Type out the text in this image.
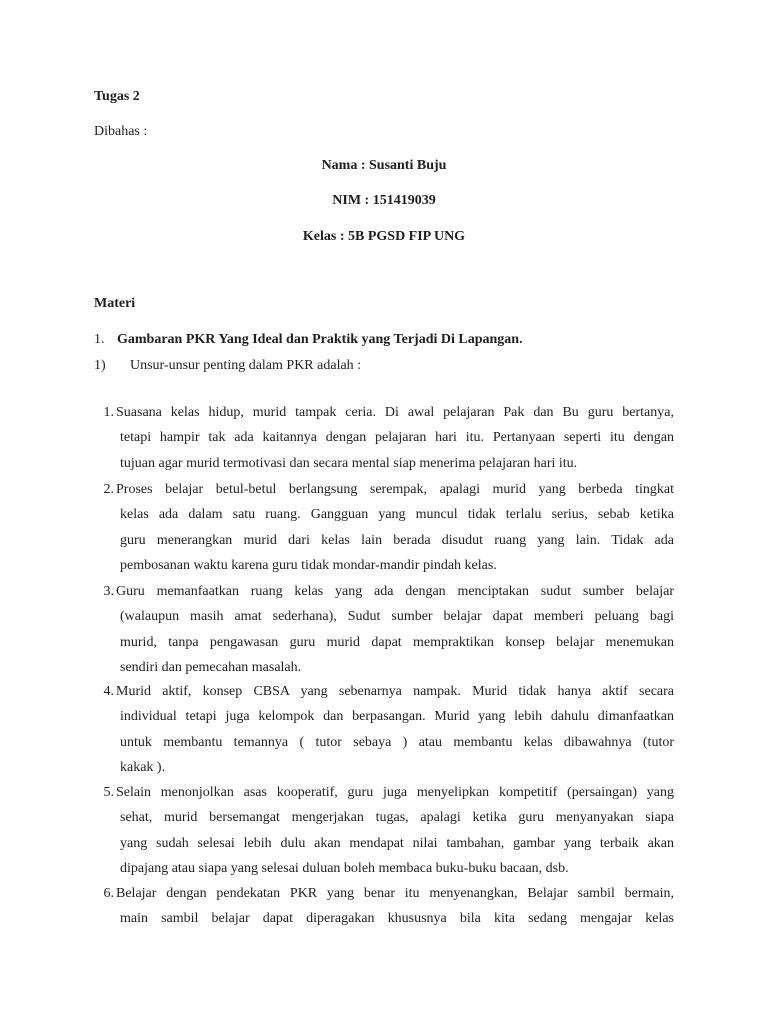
Tugas 2
Dibahas :
Nama : Susanti Buju
NIM : 151419039
Kelas : 5B PGSD FIP UNG
Materi
1. Gambaran PKR Yang Ideal dan Praktik yang Terjadi Di Lapangan.
1) Unsur-unsur penting dalam PKR adalah :
1. Suasana kelas hidup, murid tampak ceria. Di awal pelajaran Pak dan Bu guru bertanya,
tetapi hampir tak ada kaitannya dengan pelajaran hari itu. Pertanyaan seperti itu dengan
tujuan agar murid termotivasi dan secara mental siap menerima pelajaran hari itu.
2. Proses belajar betul-betul berlangsung serempak, apalagi murid yang berbeda tingkat
kelas ada dalam satu ruang. Gangguan yang muncul tidak terlalu serius, sebab ketika
guru menerangkan murid dari kelas lain berada disudut ruang yang lain. Tidak ada
pembosanan waktu karena guru tidak mondar-mandir pindah kelas.
3. Guru memanfaatkan ruang kelas yang ada dengan menciptakan sudut sumber belajar
(walaupun masih amat sederhana), Sudut sumber belajar dapat memberi peluang bagi
murid, tanpa pengawasan guru murid dapat mempraktikan konsep belajar menemukan
sendiri dan pemecahan masalah.
4. Murid aktif, konsep CBSA yang sebenarnya nampak. Murid tidak hanya aktif secara
individual tetapi juga kelompok dan berpasangan. Murid yang lebih dahulu dimanfaatkan
untuk membantu temannya ( tutor sebaya ) atau membantu kelas dibawahnya (tutor
kakak ).
5. Selain menonjolkan asas kooperatif, guru juga menyelipkan kompetitif (persaingan) yang
sehat, murid bersemangat mengerjakan tugas, apalagi ketika guru menyanyakan siapa
yang sudah selesai lebih dulu akan mendapat nilai tambahan, gambar yang terbaik akan
dipajang atau siapa yang selesai duluan boleh membaca buku-buku bacaan, dsb.
6. Belajar dengan pendekatan PKR yang benar itu menyenangkan, Belajar sambil bermain,
main sambil belajar dapat diperagakan khususnya bila kita sedang mengajar kelas
